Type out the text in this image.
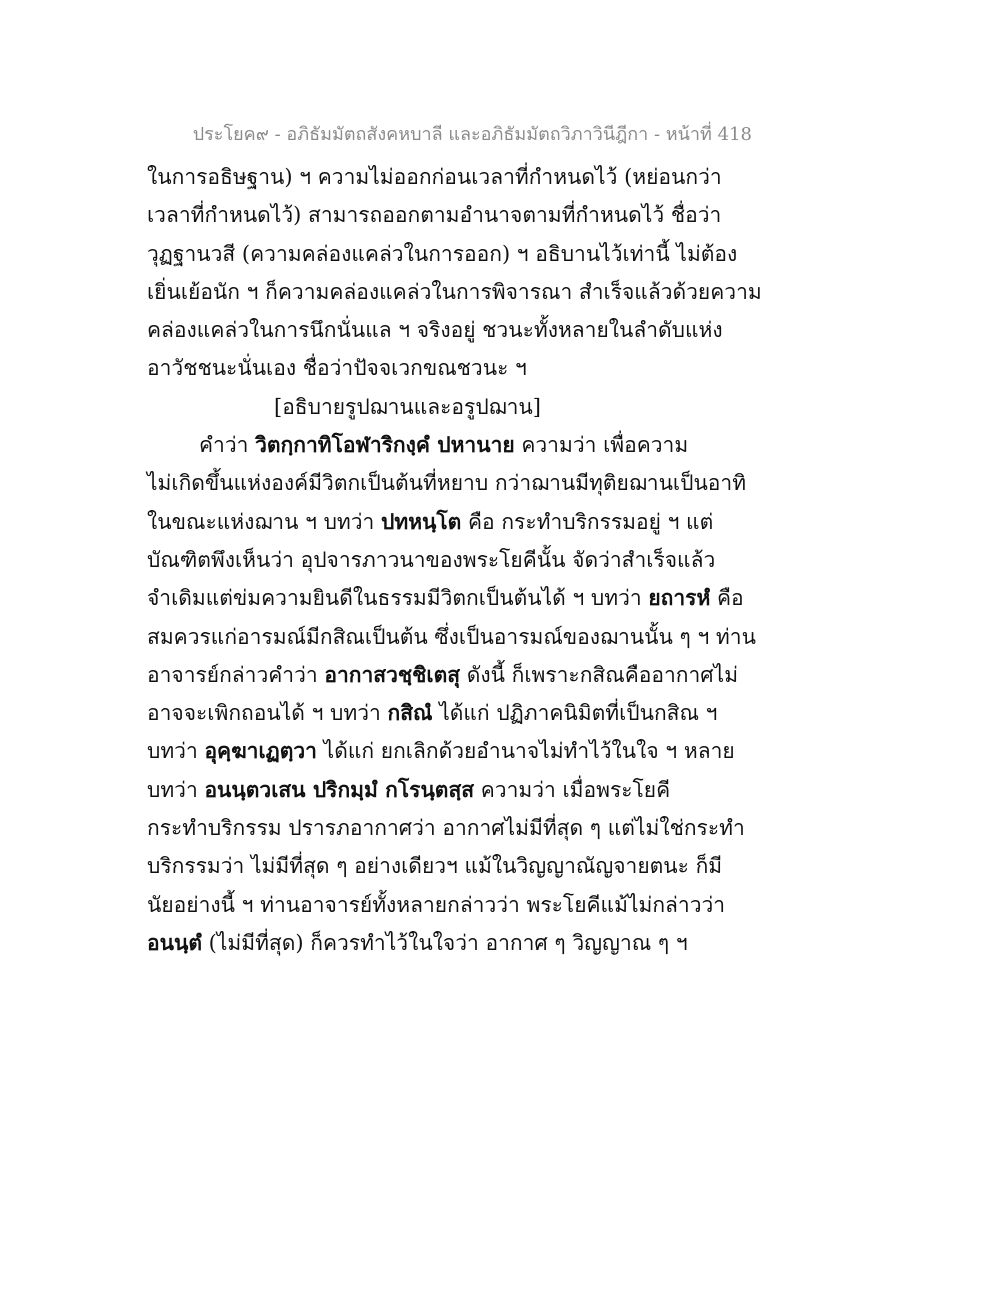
ประโยค๙ - อภิธัมมัตถสังคหบาลี และอภิธัมมัตถวิภาวินีฎีกา - หน้าที่ 418
ในการอธิษฐาน) ฯ ความไม่ออกก่อนเวลาที่กำหนดไว้ (หย่อนกว่า
เวลาที่กำหนดไว้) สามารถออกตามอำนาจตามที่กำหนดไว้ ชื่อว่า
วุฏฐานวสี (ความคล่องแคล่วในการออก) ฯ อธิบานไว้เท่านี้ ไม่ต้อง
เยิ่นเย้อนัก ฯ ก็ความคล่องแคล่วในการพิจารณา สำเร็จแล้วด้วยความ
คล่องแคล่วในการนึกนั่นแล ฯ จริงอยู่ ชวนะทั้งหลายในลำดับแห่ง
อาวัชชนะนั่นเอง ชื่อว่าปัจจเวกขณชวนะ ฯ
[อธิบายรูปฌานและอรูปฌาน]
คำว่า วิตกฺกาทิโอฬาริกงฺคํ ปหานาย ความว่า เพื่อความ
ไม่เกิดขึ้นแห่งองค์มีวิตกเป็นต้นที่หยาบ กว่าฌานมีทุติยฌานเป็นอาทิ
ในขณะแห่งฌาน ฯ บทว่า ปทหนฺโต คือ กระทำบริกรรมอยู่ ฯ แต่
บัณฑิตพึงเห็นว่า อุปจารภาวนาของพระโยคีนั้น จัดว่าสำเร็จแล้ว
จำเดิมแต่ข่มความยินดีในธรรมมีวิตกเป็นต้นได้ ฯ บทว่า ยถารหํ คือ
สมควรแก่อารมณ์มีกสิณเป็นต้น ซึ่งเป็นอารมณ์ของฌานนั้น ๆ ฯ ท่าน
อาจารย์กล่าวคำว่า อากาสวชฺชิเตสุ ดังนี้ ก็เพราะกสิณคืออากาศไม่
อาจจะเพิกถอนได้ ฯ บทว่า กสิณํ ได้แก่ ปฏิภาคนิมิตที่เป็นกสิณ ฯ
บทว่า อุคฺฆาเฏตฺวา ได้แก่ ยกเลิกด้วยอำนาจไม่ทำไว้ในใจ ฯ หลาย
บทว่า อนนฺตวเสน ปริกมฺมํ กโรนฺตสฺส ความว่า เมื่อพระโยคี
กระทำบริกรรม ปรารภอากาศว่า อากาศไม่มีที่สุด ๆ แต่ไม่ใช่กระทำ
บริกรรมว่า ไม่มีที่สุด ๆ อย่างเดียวฯ แม้ในวิญญาณัญจายตนะ ก็มี
นัยอย่างนี้ ฯ ท่านอาจารย์ทั้งหลายกล่าวว่า พระโยคีแม้ไม่กล่าวว่า
อนนฺตํ (ไม่มีที่สุด) ก็ควรทำไว้ในใจว่า อากาศ ๆ วิญญาณ ๆ ฯ
